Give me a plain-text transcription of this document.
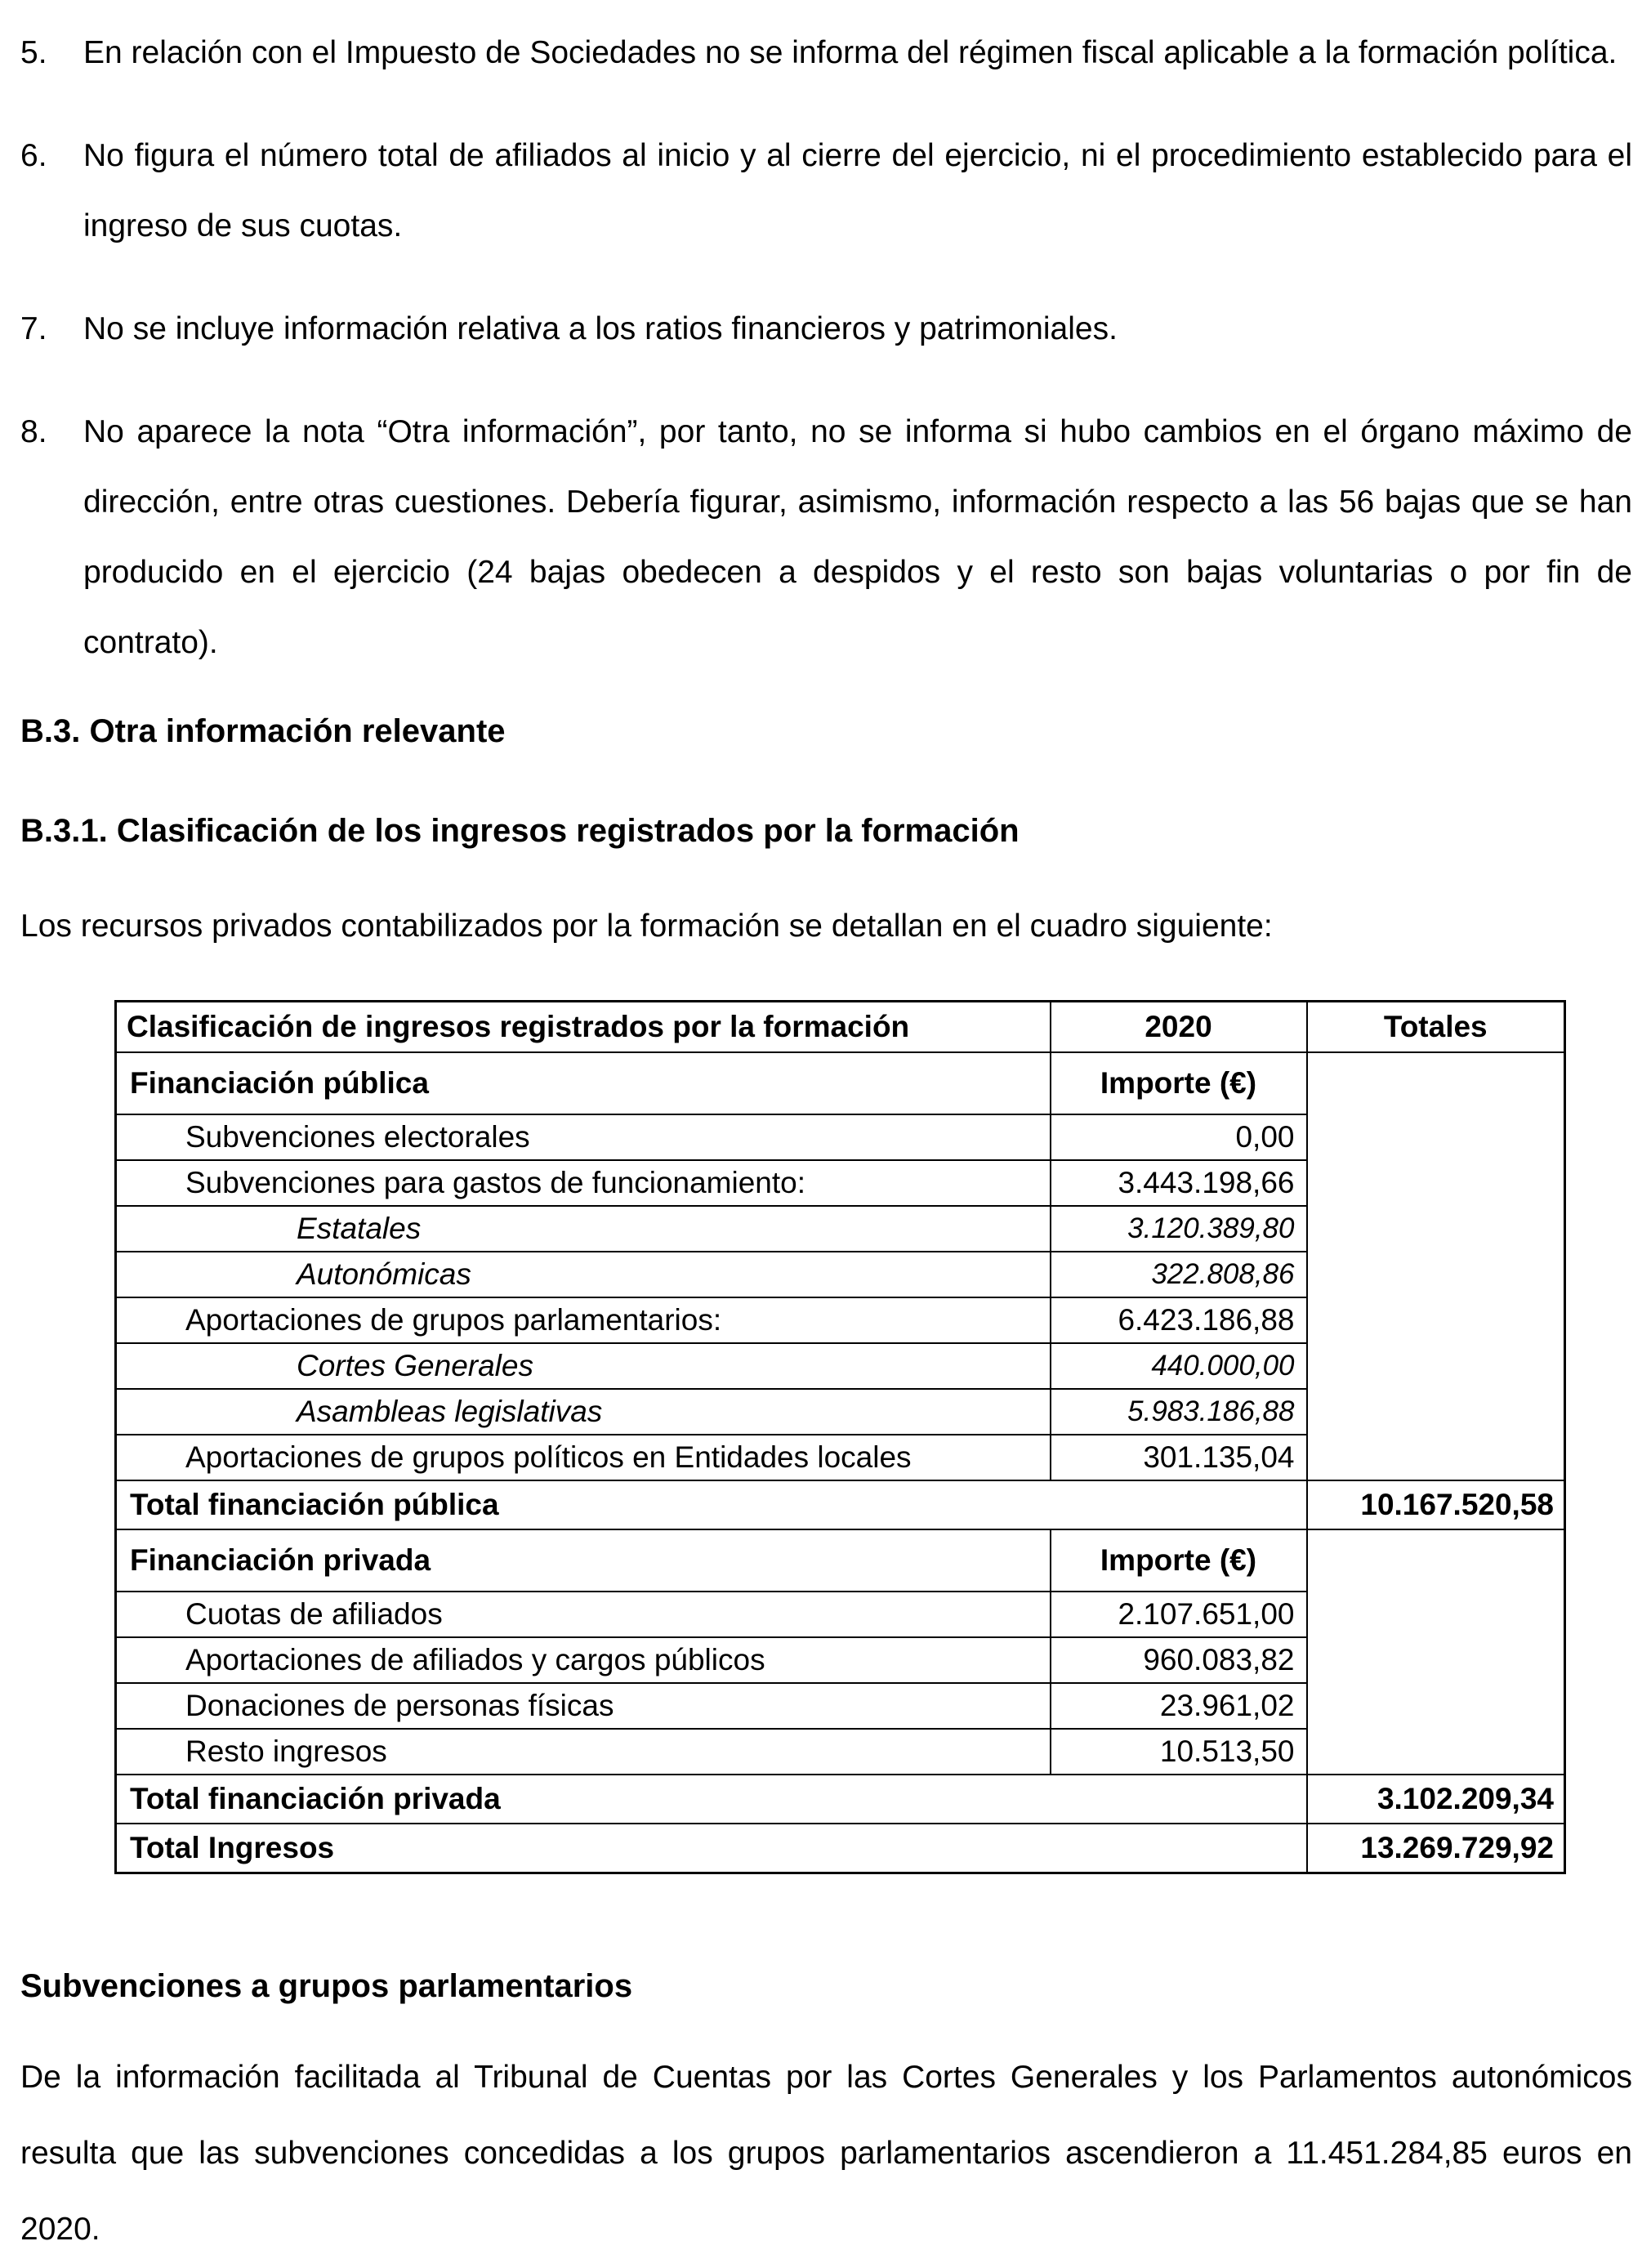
5.	En relación con el Impuesto de Sociedades no se informa del régimen fiscal aplicable a la formación política.
6.	No figura el número total de afiliados al inicio y al cierre del ejercicio, ni el procedimiento establecido para el ingreso de sus cuotas.
7.	No se incluye información relativa a los ratios financieros y patrimoniales.
8.	No aparece la nota “Otra información”, por tanto, no se informa si hubo cambios en el órgano máximo de dirección, entre otras cuestiones. Debería figurar, asimismo, información respecto a las 56 bajas que se han producido en el ejercicio (24 bajas obedecen a despidos y el resto son bajas voluntarias o por fin de contrato).
B.3. Otra información relevante
B.3.1. Clasificación de los ingresos registrados por la formación

Los recursos privados contabilizados por la formación se detallan en el cuadro siguiente:

Clasificación de ingresos registrados por la formación	2020	Totales
Financiación pública	Importe (€)	
Subvenciones electorales	0,00	
Subvenciones para gastos de funcionamiento:	3.443.198,66	
Estatales	3.120.389,80	
Autonómicas	322.808,86	
Aportaciones de grupos parlamentarios:	6.423.186,88	
Cortes Generales	440.000,00	
Asambleas legislativas	5.983.186,88	
Aportaciones de grupos políticos en Entidades locales	301.135,04	
Total financiación pública		10.167.520,58
Financiación privada	Importe (€)	
Cuotas de afiliados	2.107.651,00	
Aportaciones de afiliados y cargos públicos	960.083,82	
Donaciones de personas físicas	23.961,02	
Resto ingresos	10.513,50	
Total financiación privada		3.102.209,34
Total Ingresos		13.269.729,92
Subvenciones a grupos parlamentarios

De la información facilitada al Tribunal de Cuentas por las Cortes Generales y los Parlamentos autonómicos resulta que las subvenciones concedidas a los grupos parlamentarios ascendieron a 11.451.284,85 euros en 2020.
